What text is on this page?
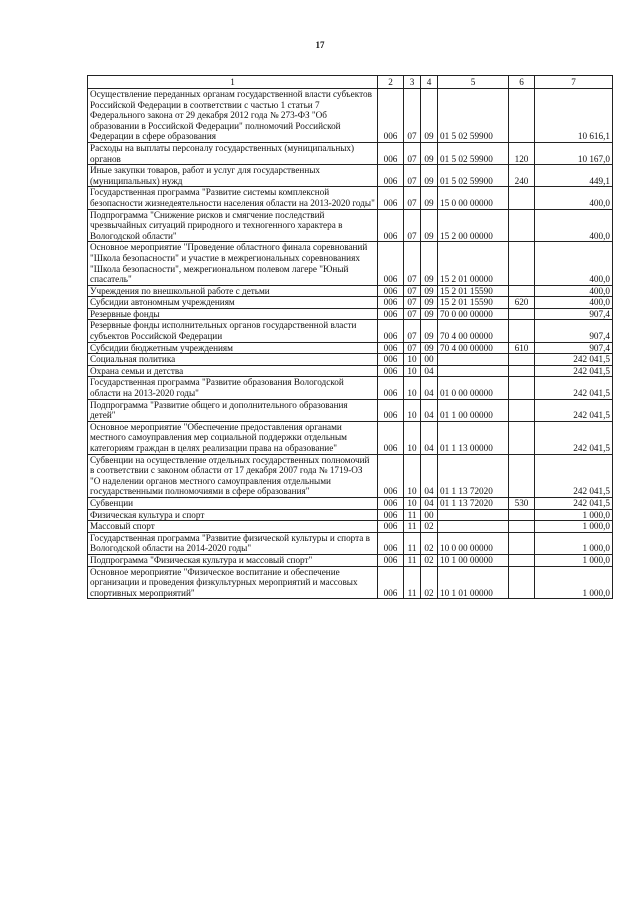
17
1	2	3	4	5	6	7
Осуществление переданных органам государственной власти субъектов Российской Федерации в соответствии с частью 1 статьи 7 Федерального закона от 29 декабря 2012 года № 273-ФЗ "Об образовании в Российской Федерации" полномочий Российской Федерации в сфере образования	006	07	09	01 5 02 59900		10 616,1
Расходы на выплаты персоналу государственных (муниципальных) органов	006	07	09	01 5 02 59900	120	10 167,0
Иные закупки товаров, работ и услуг для государственных (муниципальных) нужд	006	07	09	01 5 02 59900	240	449,1
Государственная программа "Развитие системы комплексной безопасности жизнедеятельности населения области на 2013-2020 годы"	006	07	09	15 0 00 00000		400,0
Подпрограмма "Снижение рисков и смягчение последствий чрезвычайных ситуаций природного и техногенного характера в Вологодской области"	006	07	09	15 2 00 00000		400,0
Основное мероприятие "Проведение областного финала соревнований "Школа безопасности" и участие в межрегиональных соревнованиях "Школа безопасности", межрегиональном полевом лагере "Юный спасатель"	006	07	09	15 2 01 00000		400,0
Учреждения по внешкольной работе с детьми	006	07	09	15 2 01 15590		400,0
Субсидии автономным учреждениям	006	07	09	15 2 01 15590	620	400,0
Резервные фонды	006	07	09	70 0 00 00000		907,4
Резервные фонды исполнительных органов государственной власти субъектов Российской Федерации	006	07	09	70 4 00 00000		907,4
Субсидии бюджетным учреждениям	006	07	09	70 4 00 00000	610	907,4
Социальная политика	006	10	00			242 041,5
Охрана семьи и детства	006	10	04			242 041,5
Государственная программа "Развитие образования Вологодской области на 2013-2020 годы"	006	10	04	01 0 00 00000		242 041,5
Подпрограмма "Развитие общего и дополнительного образования детей"	006	10	04	01 1 00 00000		242 041,5
Основное мероприятие "Обеспечение предоставления органами местного самоуправления мер социальной поддержки отдельным категориям граждан в целях реализации права на образование"	006	10	04	01 1 13 00000		242 041,5
Субвенции на осуществление отдельных государственных полномочий в соответствии с законом области от 17 декабря 2007 года № 1719-ОЗ "О наделении органов местного самоуправления отдельными государственными полномочиями в сфере образования"	006	10	04	01 1 13 72020		242 041,5
Субвенции	006	10	04	01 1 13 72020	530	242 041,5
Физическая культура и спорт	006	11	00			1 000,0
Массовый спорт	006	11	02			1 000,0
Государственная программа "Развитие физической культуры и спорта в Вологодской области на 2014-2020 годы"	006	11	02	10 0 00 00000		1 000,0
Подпрограмма "Физическая культура и массовый спорт"	006	11	02	10 1 00 00000		1 000,0
Основное мероприятие "Физическое воспитание и обеспечение организации и проведения физкультурных мероприятий и массовых спортивных мероприятий"	006	11	02	10 1 01 00000		1 000,0
